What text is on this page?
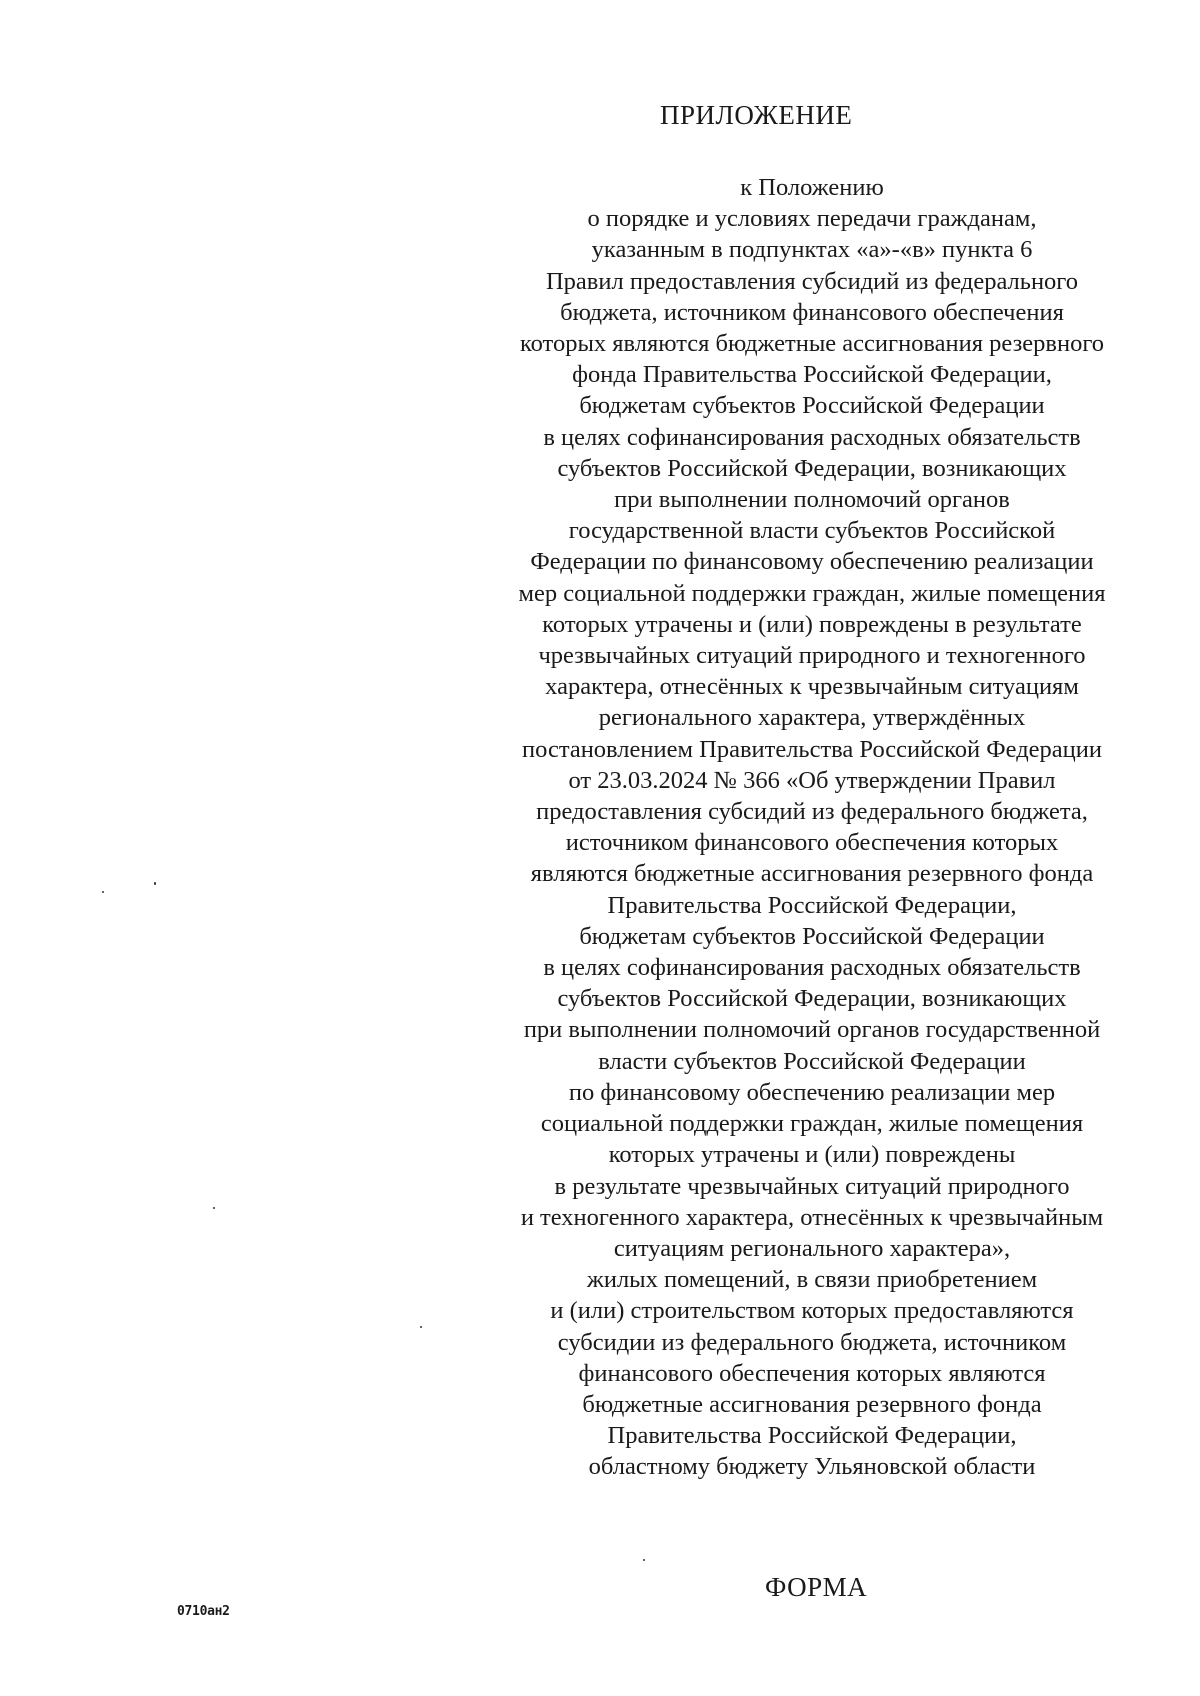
ПРИЛОЖЕНИЕ
к Положению
о порядке и условиях передачи гражданам,
указанным в подпунктах «а»-«в» пункта 6
Правил предоставления субсидий из федерального
бюджета, источником финансового обеспечения
которых являются бюджетные ассигнования резервного
фонда Правительства Российской Федерации,
бюджетам субъектов Российской Федерации
в целях софинансирования расходных обязательств
субъектов Российской Федерации, возникающих
при выполнении полномочий органов
государственной власти субъектов Российской
Федерации по финансовому обеспечению реализации
мер социальной поддержки граждан, жилые помещения
которых утрачены и (или) повреждены в результате
чрезвычайных ситуаций природного и техногенного
характера, отнесённых к чрезвычайным ситуациям
регионального характера, утверждённых
постановлением Правительства Российской Федерации
от 23.03.2024 № 366 «Об утверждении Правил
предоставления субсидий из федерального бюджета,
источником финансового обеспечения которых
являются бюджетные ассигнования резервного фонда
Правительства Российской Федерации,
бюджетам субъектов Российской Федерации
в целях софинансирования расходных обязательств
субъектов Российской Федерации, возникающих
при выполнении полномочий органов государственной
власти субъектов Российской Федерации
по финансовому обеспечению реализации мер
социальной поддержки граждан, жилые помещения
которых утрачены и (или) повреждены
в результате чрезвычайных ситуаций природного
и техногенного характера, отнесённых к чрезвычайным
ситуациям регионального характера»,
жилых помещений, в связи приобретением
и (или) строительством которых предоставляются
субсидии из федерального бюджета, источником
финансового обеспечения которых являются
бюджетные ассигнования резервного фонда
Правительства Российской Федерации,
областному бюджету Ульяновской области
ФОРМА
0710ан2
